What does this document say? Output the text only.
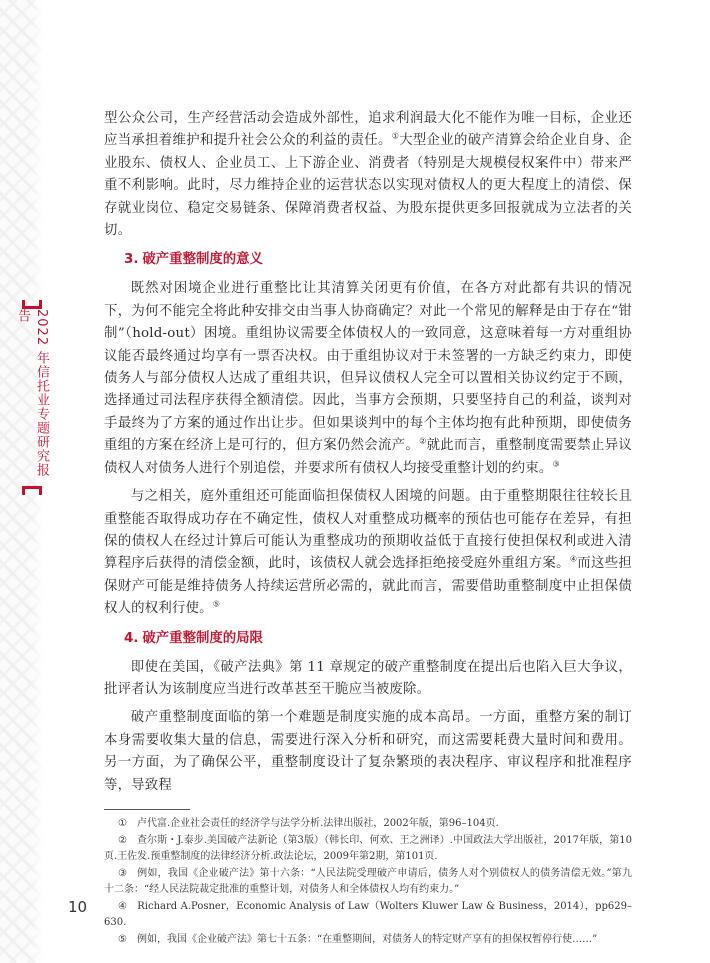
2022 年信托业专题研究报告

型公众公司，生产经营活动会造成外部性，追求利润最大化不能作为唯一目标，企业还应当承担着维护和提升社会公众的利益的责任。①大型企业的破产清算会给企业自身、企业股东、债权人、企业员工、上下游企业、消费者（特别是大规模侵权案件中）带来严重不利影响。此时，尽力维持企业的运营状态以实现对债权人的更大程度上的清偿、保存就业岗位、稳定交易链条、保障消费者权益、为股东提供更多回报就成为立法者的关切。

3. 破产重整制度的意义

既然对困境企业进行重整比让其清算关闭更有价值，在各方对此都有共识的情况下，为何不能完全将此种安排交由当事人协商确定？对此一个常见的解释是由于存在“钳制”（hold-out）困境。重组协议需要全体债权人的一致同意，这意味着每一方对重组协议能否最终通过均享有一票否决权。由于重组协议对于未签署的一方缺乏约束力，即使债务人与部分债权人达成了重组共识，但异议债权人完全可以置相关协议约定于不顾，选择通过司法程序获得全额清偿。因此，当事方会预期，只要坚持自己的利益，谈判对手最终为了方案的通过作出让步。但如果谈判中的每个主体均抱有此种预期，即使债务重组的方案在经济上是可行的，但方案仍然会流产。②就此而言，重整制度需要禁止异议债权人对债务人进行个别追偿，并要求所有债权人均接受重整计划的约束。③

与之相关，庭外重组还可能面临担保债权人困境的问题。由于重整期限往往较长且重整能否取得成功存在不确定性，债权人对重整成功概率的预估也可能存在差异，有担保的债权人在经过计算后可能认为重整成功的预期收益低于直接行使担保权利或进入清算程序后获得的清偿金额，此时，该债权人就会选择拒绝接受庭外重组方案。④而这些担保财产可能是维持债务人持续运营所必需的，就此而言，需要借助重整制度中止担保债权人的权利行使。⑤

4. 破产重整制度的局限

即使在美国，《破产法典》第 11 章规定的破产重整制度在提出后也陷入巨大争议，批评者认为该制度应当进行改革甚至干脆应当被废除。

破产重整制度面临的第一个难题是制度实施的成本高昂。一方面，重整方案的制订本身需要收集大量的信息，需要进行深入分析和研究，而这需要耗费大量时间和费用。另一方面，为了确保公平，重整制度设计了复杂繁琐的表决程序、审议程序和批准程序等，导致程

① 卢代富.企业社会责任的经济学与法学分析.法律出版社，2002年版，第96–104页.

② 查尔斯・J.泰步.美国破产法新论（第3版）（韩长印、何欢、王之洲译）.中国政法大学出版社，2017年版，第10页.王佐发.预重整制度的法律经济分析.政法论坛，2009年第2期，第101页.

③ 例如，我国《企业破产法》第十六条：“人民法院受理破产申请后，债务人对个别债权人的债务清偿无效。”第九十二条：“经人民法院裁定批准的重整计划，对债务人和全体债权人均有约束力。”

④ Richard A.Posner，Economic Analysis of Law（Wolters Kluwer Law & Business，2014），pp629–630.

⑤ 例如，我国《企业破产法》第七十五条：“在重整期间，对债务人的特定财产享有的担保权暂停行使……”

10
